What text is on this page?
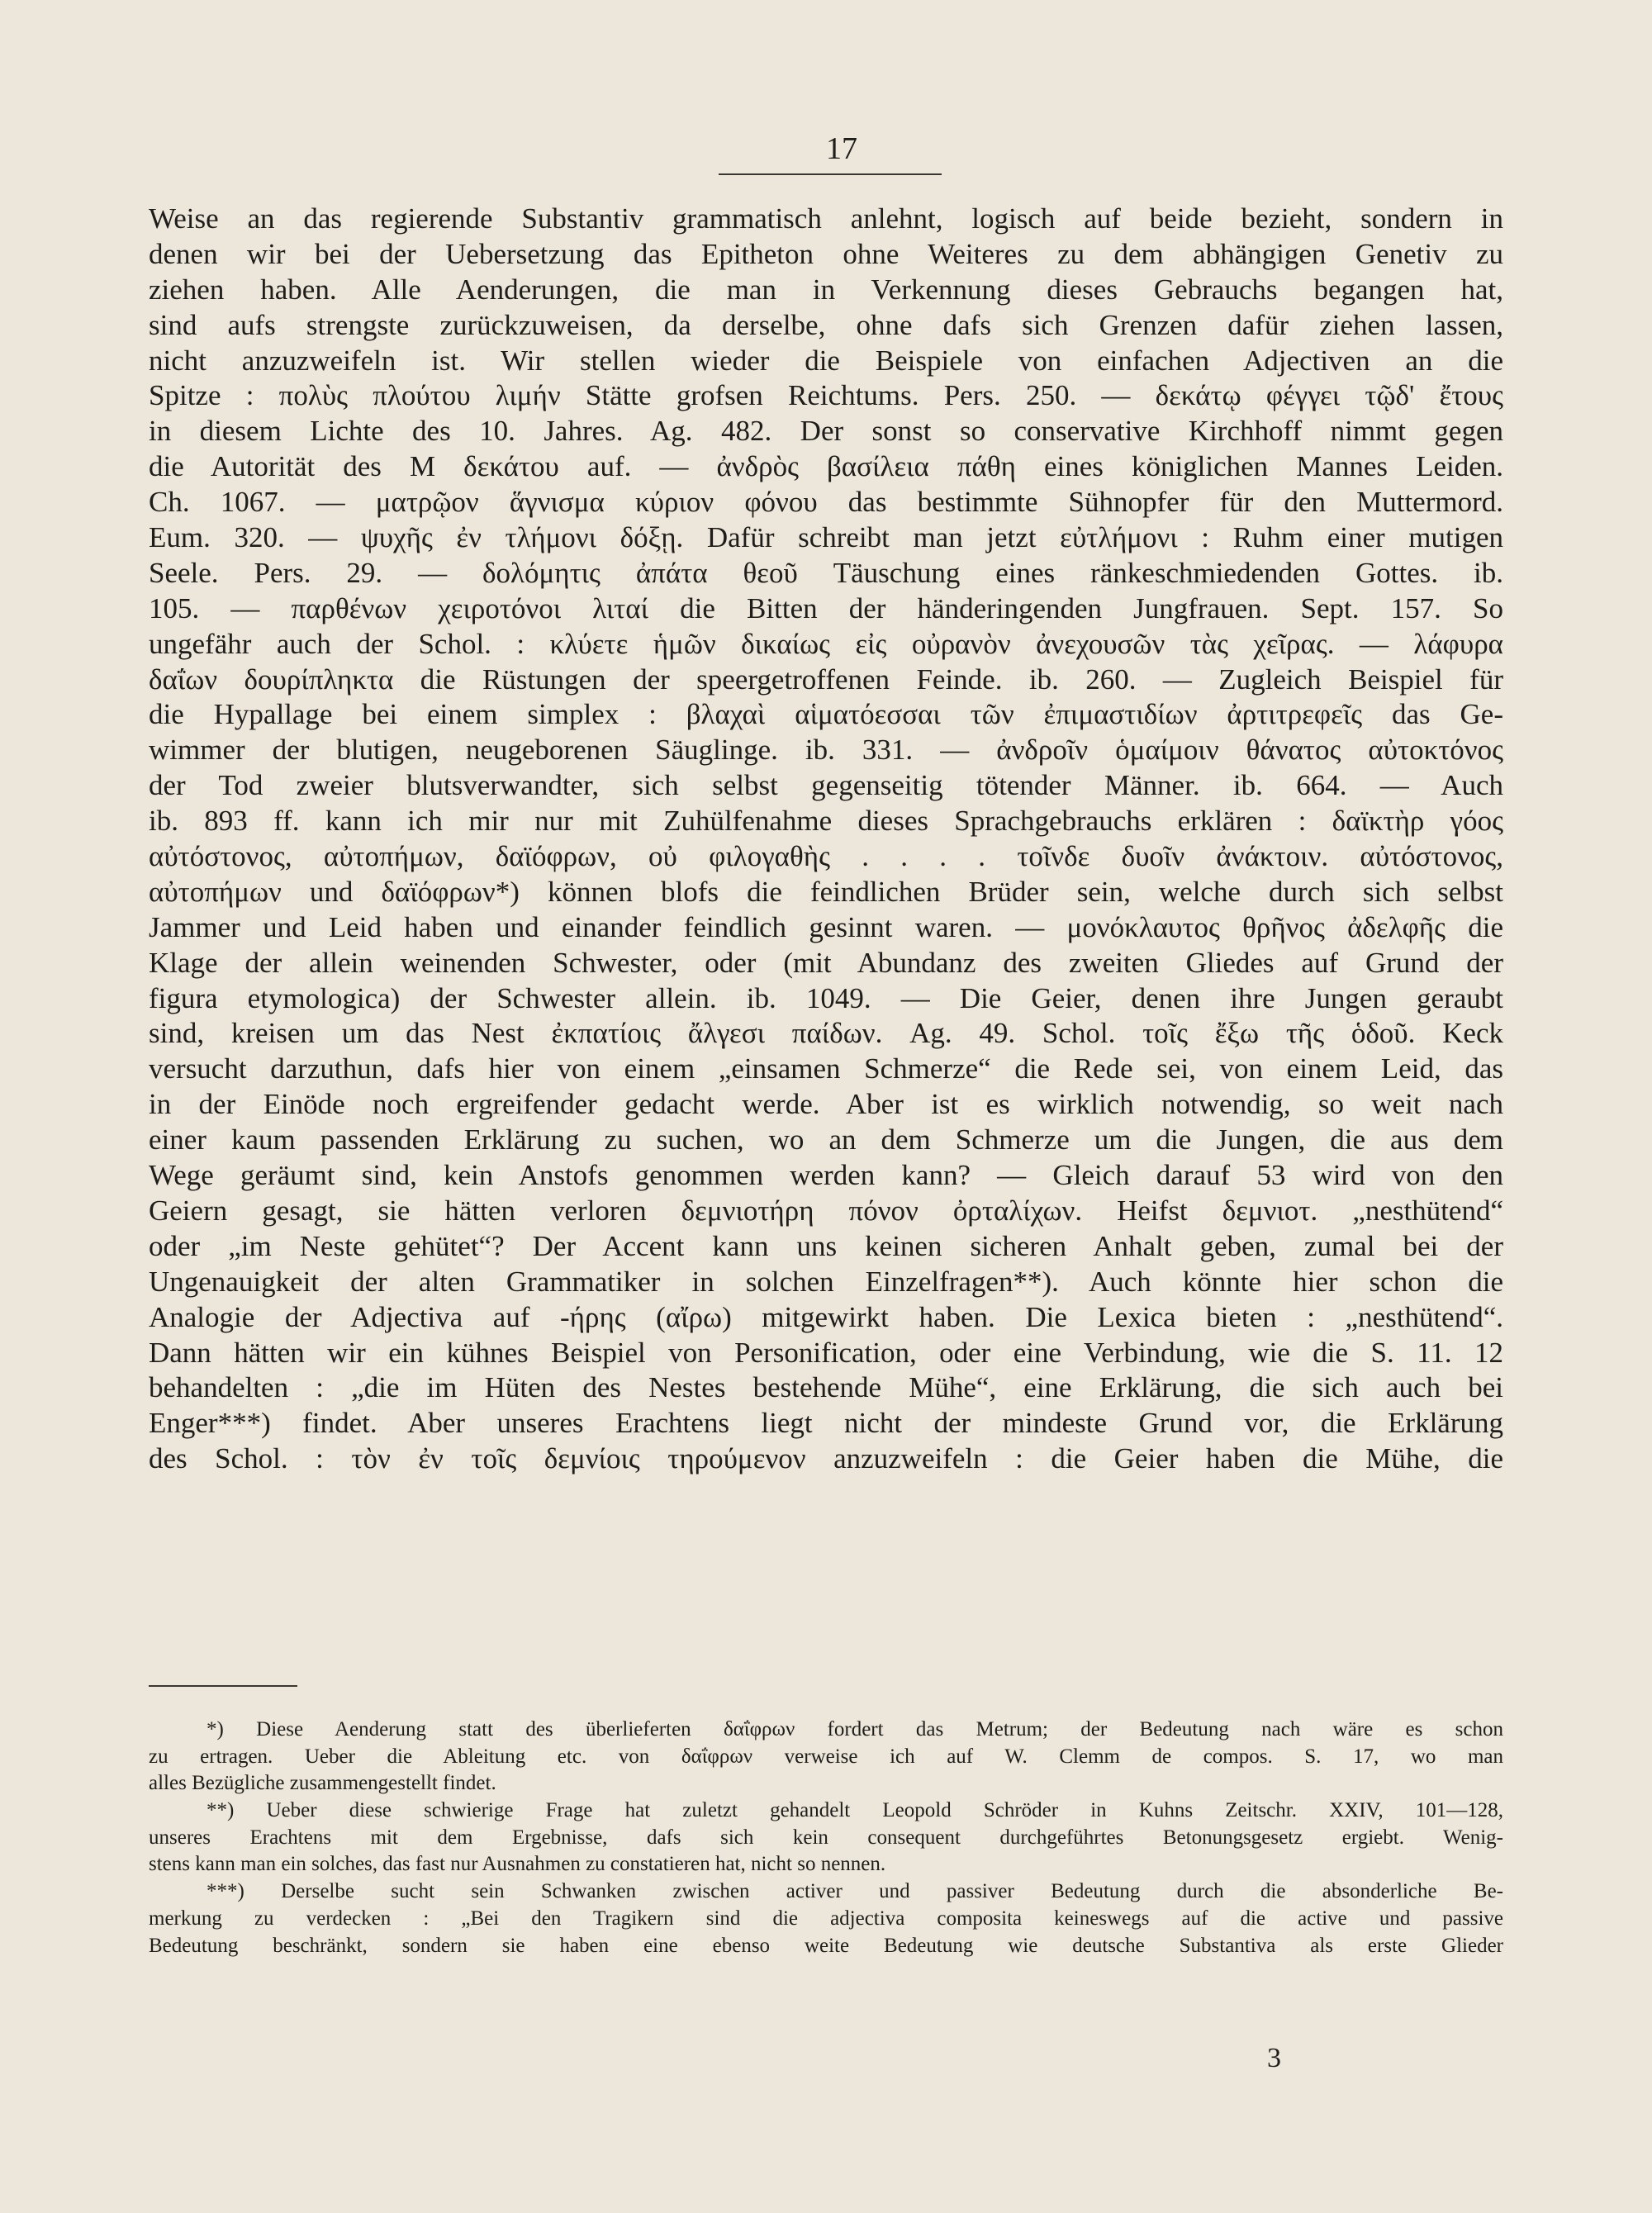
17
Weise an das regierende Substantiv grammatisch anlehnt, logisch auf beide bezieht, sondern in
denen wir bei der Uebersetzung das Epitheton ohne Weiteres zu dem abhängigen Genetiv zu
ziehen haben. Alle Aenderungen, die man in Verkennung dieses Gebrauchs begangen hat,
sind aufs strengste zurückzuweisen, da derselbe, ohne dafs sich Grenzen dafür ziehen lassen,
nicht anzuzweifeln ist. Wir stellen wieder die Beispiele von einfachen Adjectiven an die
Spitze : πολὺς πλούτου λιμήν Stätte grofsen Reichtums. Pers. 250. — δεκάτῳ φέγγει τῷδ' ἔτους
in diesem Lichte des 10. Jahres. Ag. 482. Der sonst so conservative Kirchhoff nimmt gegen
die Autorität des M δεκάτου auf. — ἀνδρὸς βασίλεια πάθη eines königlichen Mannes Leiden.
Ch. 1067. — ματρῷον ἅγνισμα κύριον φόνου das bestimmte Sühnopfer für den Muttermord.
Eum. 320. — ψυχῆς ἐν τλήμονι δόξῃ. Dafür schreibt man jetzt εὐτλήμονι : Ruhm einer mutigen
Seele. Pers. 29. — δολόμητις ἀπάτα θεοῦ Täuschung eines ränkeschmiedenden Gottes. ib.
105. — παρθένων χειροτόνοι λιταί die Bitten der händeringenden Jungfrauen. Sept. 157. So
ungefähr auch der Schol. : κλύετε ἡμῶν δικαίως εἰς οὐρανὸν ἀνεχουσῶν τὰς χεῖρας. — λάφυρα
δαΐων δουρίπληκτα die Rüstungen der speergetroffenen Feinde. ib. 260. — Zugleich Beispiel für
die Hypallage bei einem simplex : βλαχαὶ αἱματόεσσαι τῶν ἐπιμαστιδίων ἀρτιτρεφεῖς das Ge-
wimmer der blutigen, neugeborenen Säuglinge. ib. 331. — ἀνδροῖν ὁμαίμοιν θάνατος αὐτοκτόνος
der Tod zweier blutsverwandter, sich selbst gegenseitig tötender Männer. ib. 664. — Auch
ib. 893 ff. kann ich mir nur mit Zuhülfenahme dieses Sprachgebrauchs erklären : δαϊκτὴρ γόος
αὐτόστονος, αὐτοπήμων, δαϊόφρων, οὐ φιλογαθὴς . . . . τοῖνδε δυοῖν ἀνάκτοιν. αὐτόστονος,
αὐτοπήμων und δαϊόφρων*) können blofs die feindlichen Brüder sein, welche durch sich selbst
Jammer und Leid haben und einander feindlich gesinnt waren. — μονόκλαυτος θρῆνος ἀδελφῆς die
Klage der allein weinenden Schwester, oder (mit Abundanz des zweiten Gliedes auf Grund der
figura etymologica) der Schwester allein. ib. 1049. — Die Geier, denen ihre Jungen geraubt
sind, kreisen um das Nest ἐκπατίοις ἄλγεσι παίδων. Ag. 49. Schol. τοῖς ἔξω τῆς ὁδοῦ. Keck
versucht darzuthun, dafs hier von einem „einsamen Schmerze“ die Rede sei, von einem Leid, das
in der Einöde noch ergreifender gedacht werde. Aber ist es wirklich notwendig, so weit nach
einer kaum passenden Erklärung zu suchen, wo an dem Schmerze um die Jungen, die aus dem
Wege geräumt sind, kein Anstofs genommen werden kann? — Gleich darauf 53 wird von den
Geiern gesagt, sie hätten verloren δεμνιοτήρη πόνον ὀρταλίχων. Heifst δεμνιοτ. „nesthütend“
oder „im Neste gehütet“? Der Accent kann uns keinen sicheren Anhalt geben, zumal bei der
Ungenauigkeit der alten Grammatiker in solchen Einzelfragen**). Auch könnte hier schon die
Analogie der Adjectiva auf -ήρης (αἴρω) mitgewirkt haben. Die Lexica bieten : „nesthütend“.
Dann hätten wir ein kühnes Beispiel von Personification, oder eine Verbindung, wie die S. 11. 12
behandelten : „die im Hüten des Nestes bestehende Mühe“, eine Erklärung, die sich auch bei
Enger***) findet. Aber unseres Erachtens liegt nicht der mindeste Grund vor, die Erklärung
des Schol. : τὸν ἐν τοῖς δεμνίοις τηρούμενον anzuzweifeln : die Geier haben die Mühe, die
*) Diese Aenderung statt des überlieferten δαΐφρων fordert das Metrum; der Bedeutung nach wäre es schon
zu ertragen. Ueber die Ableitung etc. von δαΐφρων verweise ich auf W. Clemm de compos. S. 17, wo man
alles Bezügliche zusammengestellt findet.
**) Ueber diese schwierige Frage hat zuletzt gehandelt Leopold Schröder in Kuhns Zeitschr. XXIV, 101—128,
unseres Erachtens mit dem Ergebnisse, dafs sich kein consequent durchgeführtes Betonungsgesetz ergiebt. Wenig-
stens kann man ein solches, das fast nur Ausnahmen zu constatieren hat, nicht so nennen.
***) Derselbe sucht sein Schwanken zwischen activer und passiver Bedeutung durch die absonderliche Be-
merkung zu verdecken : „Bei den Tragikern sind die adjectiva composita keineswegs auf die active und passive
Bedeutung beschränkt, sondern sie haben eine ebenso weite Bedeutung wie deutsche Substantiva als erste Glieder
3
